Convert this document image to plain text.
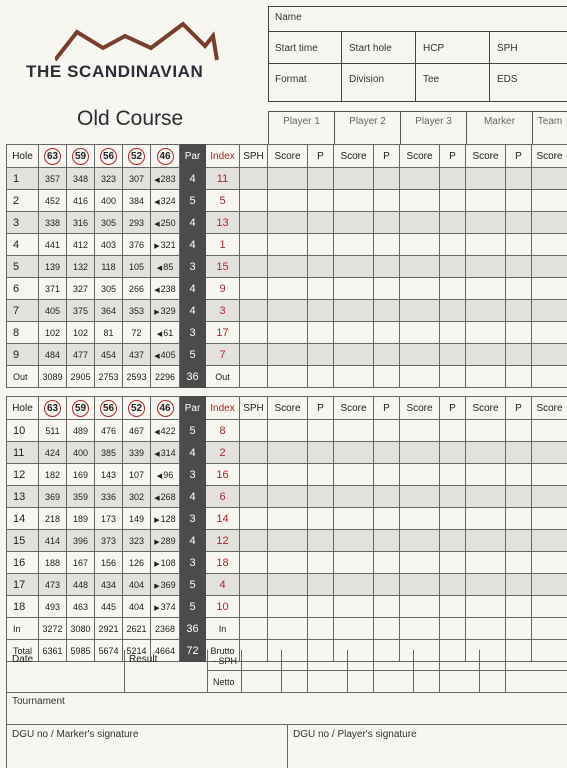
THE SCANDINAVIAN
Old Course
Name
Start time	Start hole	HCP	SPH
Format	Division	Tee	EDS
Player 1	Player 2	Player 3	Marker	Team
Hole	63	59	56	52	46	Par	Index	SPH	Score	P	Score	P	Score	P	Score	P	Score
1	357	348	323	307	◀283	4	11										
2	452	416	400	384	◀324	5	5										
3	338	316	305	293	◀250	4	13										
4	441	412	403	376	▶321	4	1										
5	139	132	118	105	◀85	3	15										
6	371	327	305	266	◀238	4	9										
7	405	375	364	353	▶329	4	3										
8	102	102	81	72	◀61	3	17										
9	484	477	454	437	◀405	5	7										
Out	3089	2905	2753	2593	2296	36	Out										
Hole	63	59	56	52	46	Par	Index	SPH	Score	P	Score	P	Score	P	Score	P	Score
10	511	489	476	467	◀422	5	8										
11	424	400	385	339	◀314	4	2										
12	182	169	143	107	◀96	3	16										
13	369	359	336	302	◀268	4	6										
14	218	189	173	149	▶128	3	14										
15	414	396	373	323	▶289	4	12										
16	188	167	156	126	▶108	3	18										
17	473	448	434	404	▶369	5	4										
18	493	463	445	404	▶374	5	10										
In	3272	3080	2921	2621	2368	36	In										
Total	6361	5985	5674	5214	4664	72	Brutto										
Date	Result	- SPH
Netto
Tournament
DGU no / Marker's signature	DGU no / Player's signature
